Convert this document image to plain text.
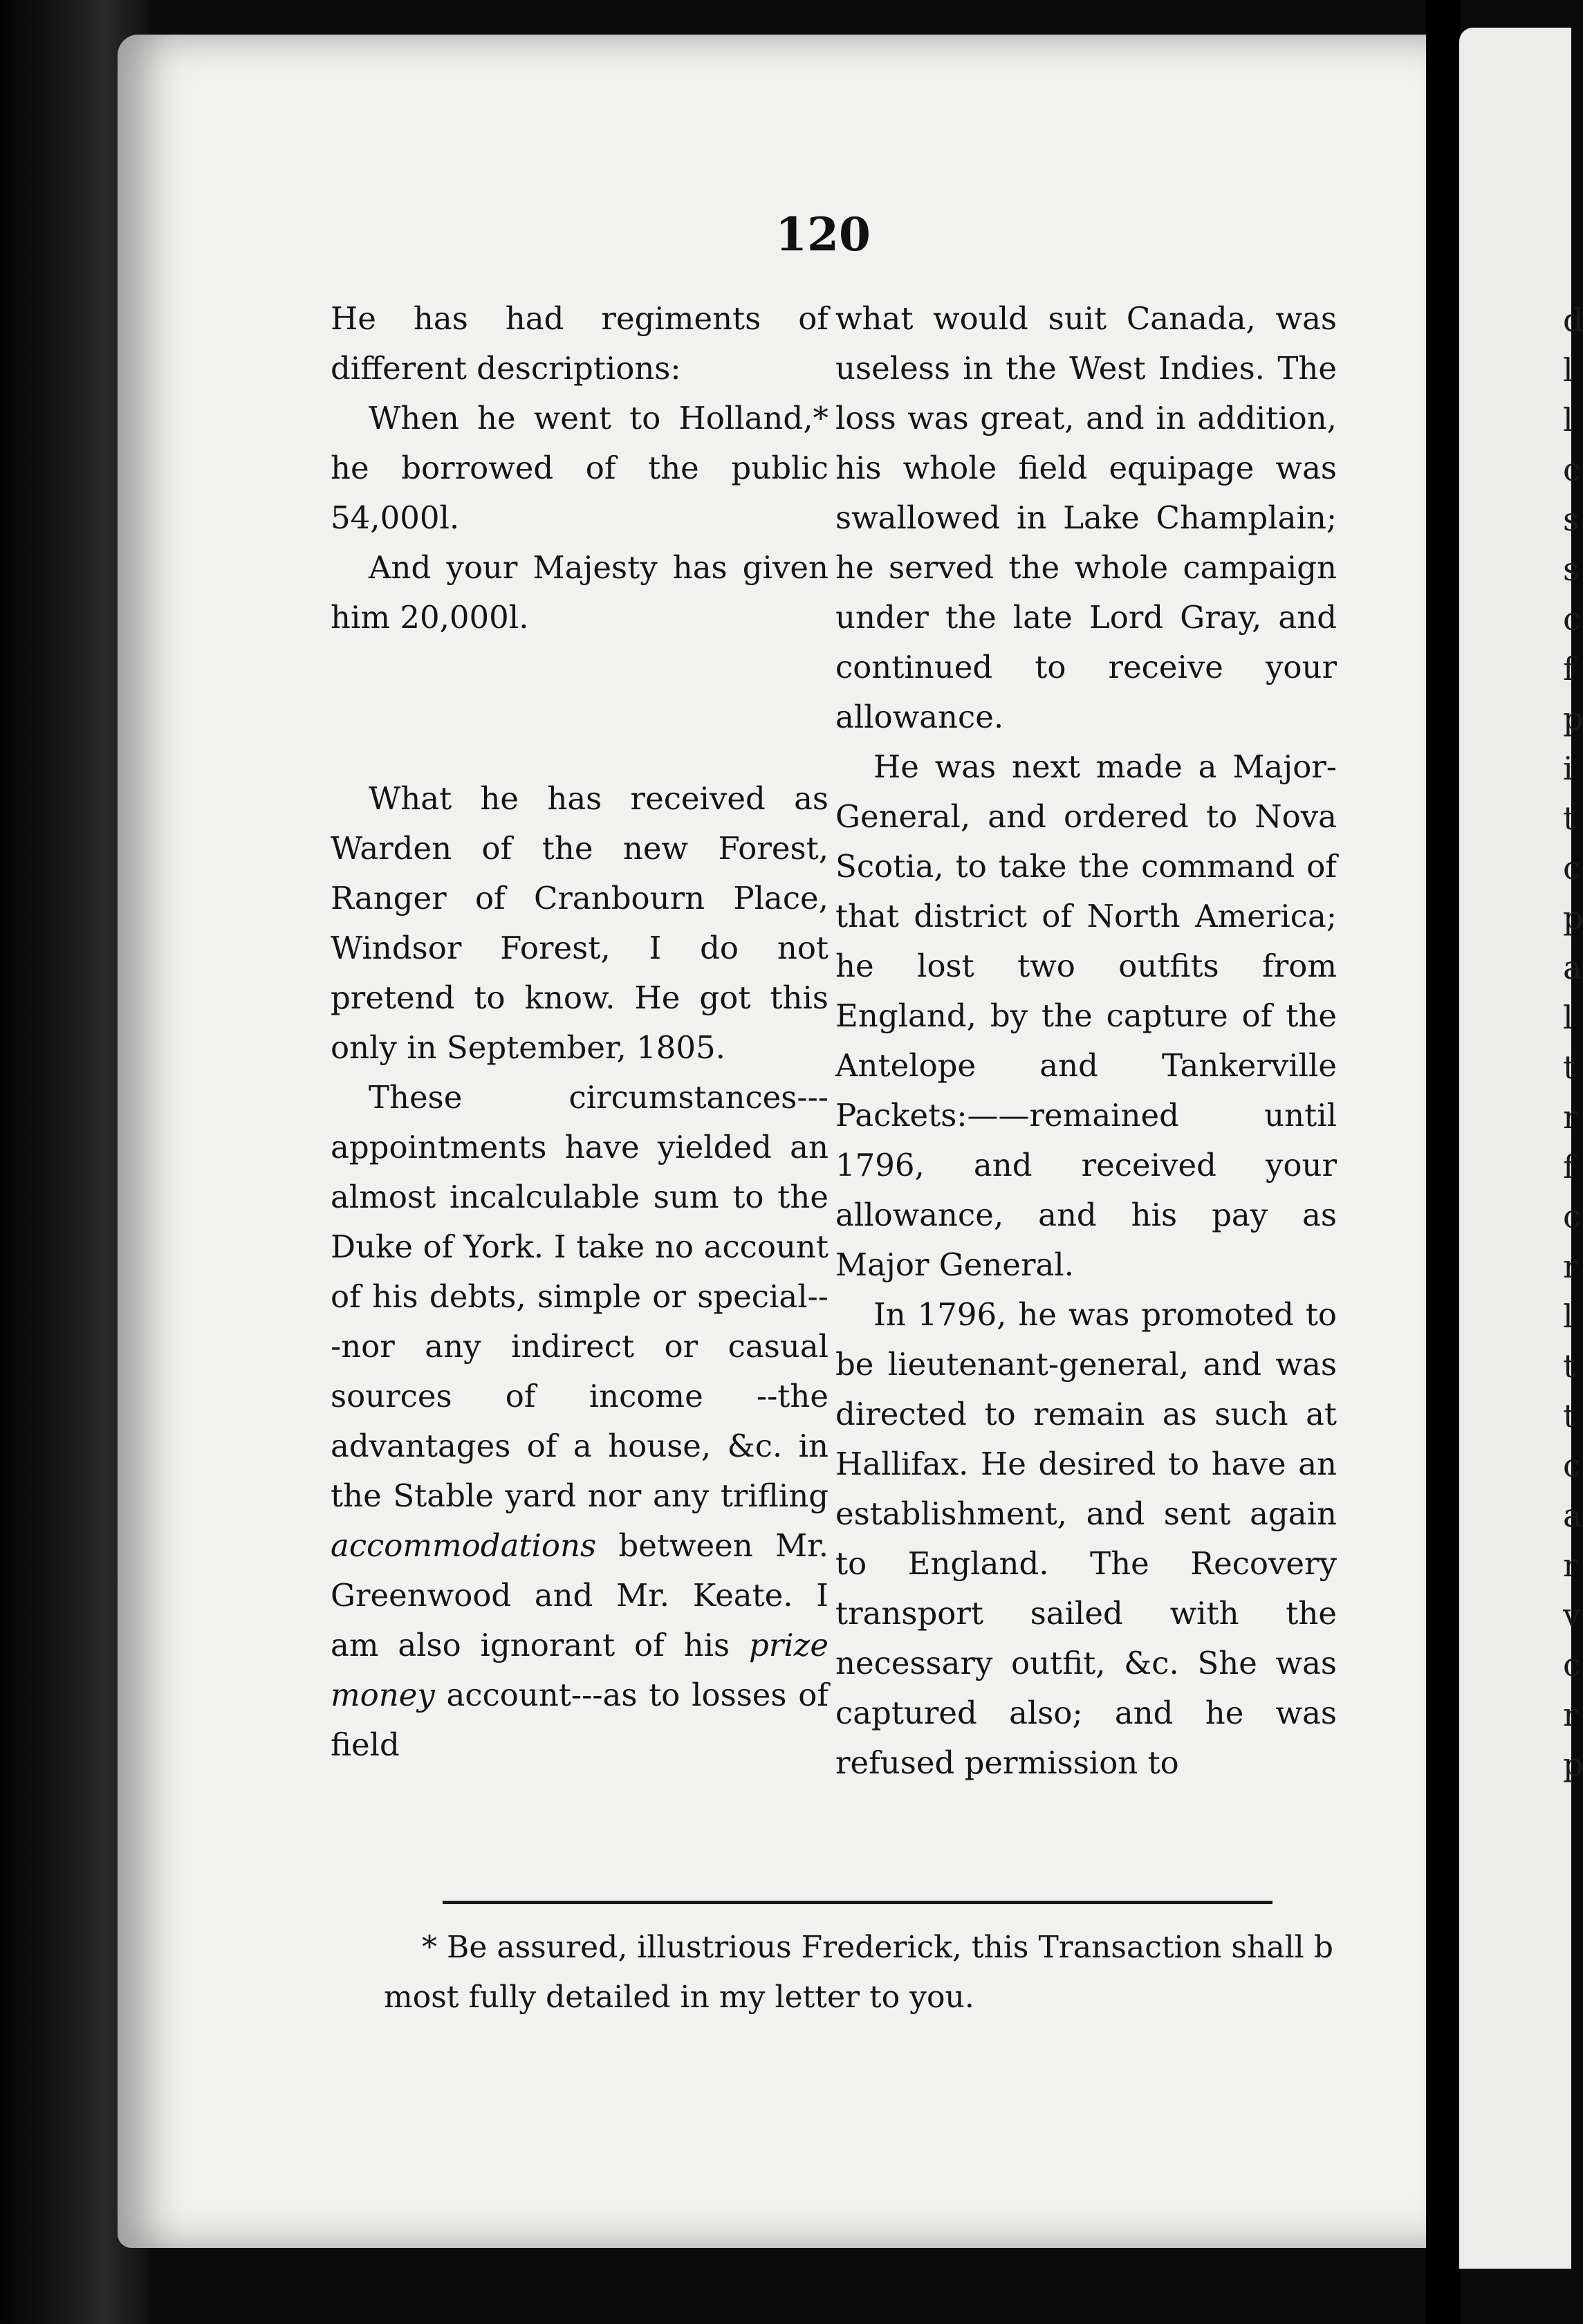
d
l
l
c
s
s
c
f
p
i
t
c
p
a
l
t
r
f
c
r
l
t
t
c
a
r
v
c
r
p
120

He has had regiments of different descriptions:

When he went to Holland,* he borrowed of the public 54,000l.

And your Majesty has given him 20,000l.

What he has received as Warden of the new Forest, Ranger of Cranbourn Place, Windsor Forest, I do not pretend to know. He got this only in September, 1805.

These circumstances---appointments have yielded an almost incalculable sum to the Duke of York. I take no account of his debts, simple or special---nor any indirect or casual sources of income --the advantages of a house, &c. in the Stable yard nor any trifling accommodations between Mr. Greenwood and Mr. Keate. I am also ignorant of his prize money account---as to losses of field

what would suit Canada, was useless in the West Indies. The loss was great, and in addition, his whole field equipage was swallowed in Lake Champlain; he served the whole campaign under the late Lord Gray, and continued to receive your allowance.

He was next made a Major-General, and ordered to Nova Scotia, to take the command of that district of North America; he lost two outfits from England, by the capture of the Antelope and Tankerville Packets:——remained until 1796, and received your allowance, and his pay as Major General.

In 1796, he was promoted to be lieutenant-general, and was directed to remain as such at Hallifax. He desired to have an establishment, and sent again to England. The Recovery transport sailed with the necessary outfit, &c. She was captured also; and he was refused permission to

* Be assured, illustrious Frederick, this Transaction shall b most fully detailed in my letter to you.
